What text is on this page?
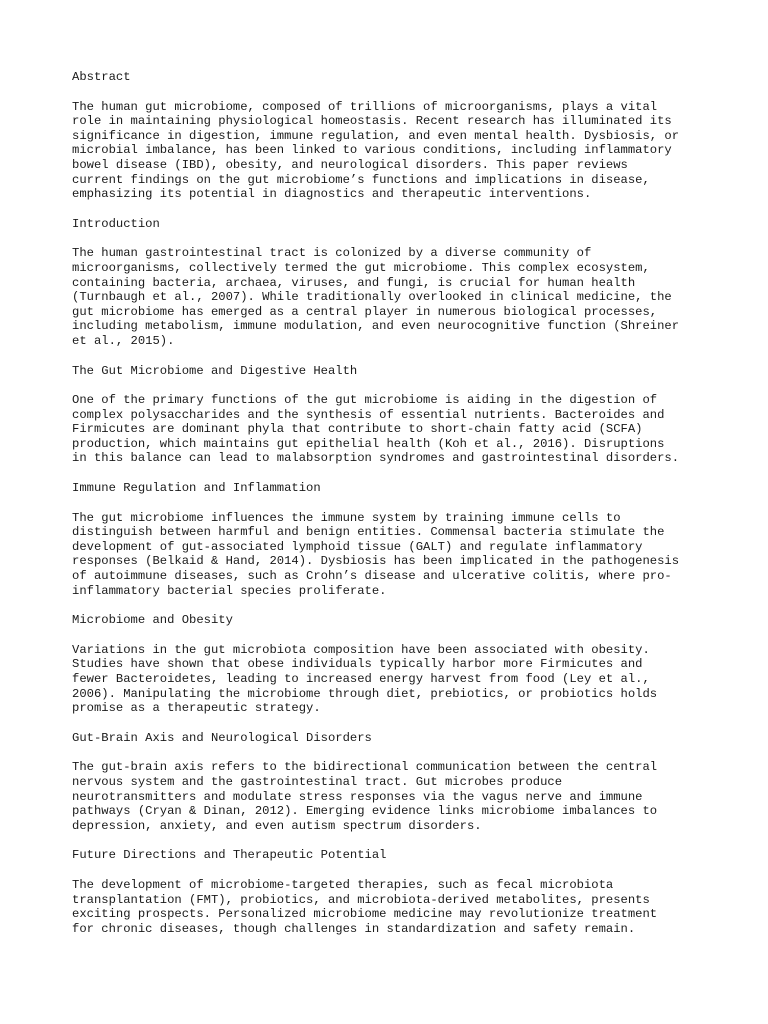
Abstract
The human gut microbiome, composed of trillions of microorganisms, plays a vital
role in maintaining physiological homeostasis. Recent research has illuminated its
significance in digestion, immune regulation, and even mental health. Dysbiosis, or
microbial imbalance, has been linked to various conditions, including inflammatory
bowel disease (IBD), obesity, and neurological disorders. This paper reviews
current findings on the gut microbiome’s functions and implications in disease,
emphasizing its potential in diagnostics and therapeutic interventions.
Introduction
The human gastrointestinal tract is colonized by a diverse community of
microorganisms, collectively termed the gut microbiome. This complex ecosystem,
containing bacteria, archaea, viruses, and fungi, is crucial for human health
(Turnbaugh et al., 2007). While traditionally overlooked in clinical medicine, the
gut microbiome has emerged as a central player in numerous biological processes,
including metabolism, immune modulation, and even neurocognitive function (Shreiner
et al., 2015).
The Gut Microbiome and Digestive Health
One of the primary functions of the gut microbiome is aiding in the digestion of
complex polysaccharides and the synthesis of essential nutrients. Bacteroides and
Firmicutes are dominant phyla that contribute to short-chain fatty acid (SCFA)
production, which maintains gut epithelial health (Koh et al., 2016). Disruptions
in this balance can lead to malabsorption syndromes and gastrointestinal disorders.
Immune Regulation and Inflammation
The gut microbiome influences the immune system by training immune cells to
distinguish between harmful and benign entities. Commensal bacteria stimulate the
development of gut-associated lymphoid tissue (GALT) and regulate inflammatory
responses (Belkaid & Hand, 2014). Dysbiosis has been implicated in the pathogenesis
of autoimmune diseases, such as Crohn’s disease and ulcerative colitis, where pro-
inflammatory bacterial species proliferate.
Microbiome and Obesity
Variations in the gut microbiota composition have been associated with obesity.
Studies have shown that obese individuals typically harbor more Firmicutes and
fewer Bacteroidetes, leading to increased energy harvest from food (Ley et al.,
2006). Manipulating the microbiome through diet, prebiotics, or probiotics holds
promise as a therapeutic strategy.
Gut-Brain Axis and Neurological Disorders
The gut-brain axis refers to the bidirectional communication between the central
nervous system and the gastrointestinal tract. Gut microbes produce
neurotransmitters and modulate stress responses via the vagus nerve and immune
pathways (Cryan & Dinan, 2012). Emerging evidence links microbiome imbalances to
depression, anxiety, and even autism spectrum disorders.
Future Directions and Therapeutic Potential
The development of microbiome-targeted therapies, such as fecal microbiota
transplantation (FMT), probiotics, and microbiota-derived metabolites, presents
exciting prospects. Personalized microbiome medicine may revolutionize treatment
for chronic diseases, though challenges in standardization and safety remain.
